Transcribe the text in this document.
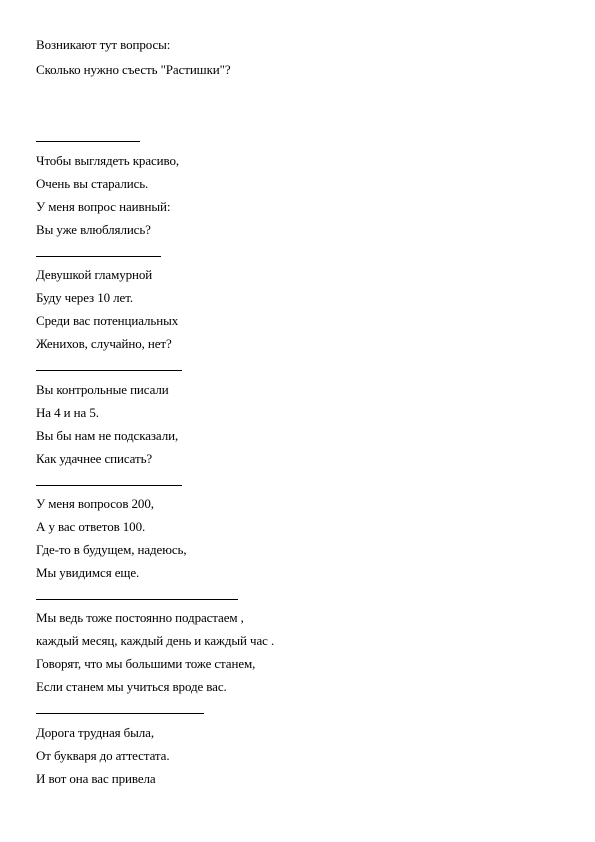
Возникают тут вопросы:
Сколько нужно съесть "Растишки"?
Чтобы выглядеть красиво,
Очень вы старались.
У меня вопрос наивный:
Вы уже влюблялись?
Девушкой гламурной
Буду через 10 лет.
Среди вас потенциальных
Женихов, случайно, нет?
Вы контрольные писали
На 4 и на 5.
Вы бы нам не подсказали,
Как удачнее списать?
У меня вопросов 200,
А у вас ответов 100.
Где-то в будущем, надеюсь,
Мы увидимся еще.
Мы ведь тоже постоянно подрастаем ,
каждый месяц, каждый день и каждый час .
Говорят, что мы большими тоже станем,
Если станем мы учиться вроде вас.
Дорога трудная была,
От букваря до аттестата.
И вот она вас привела
